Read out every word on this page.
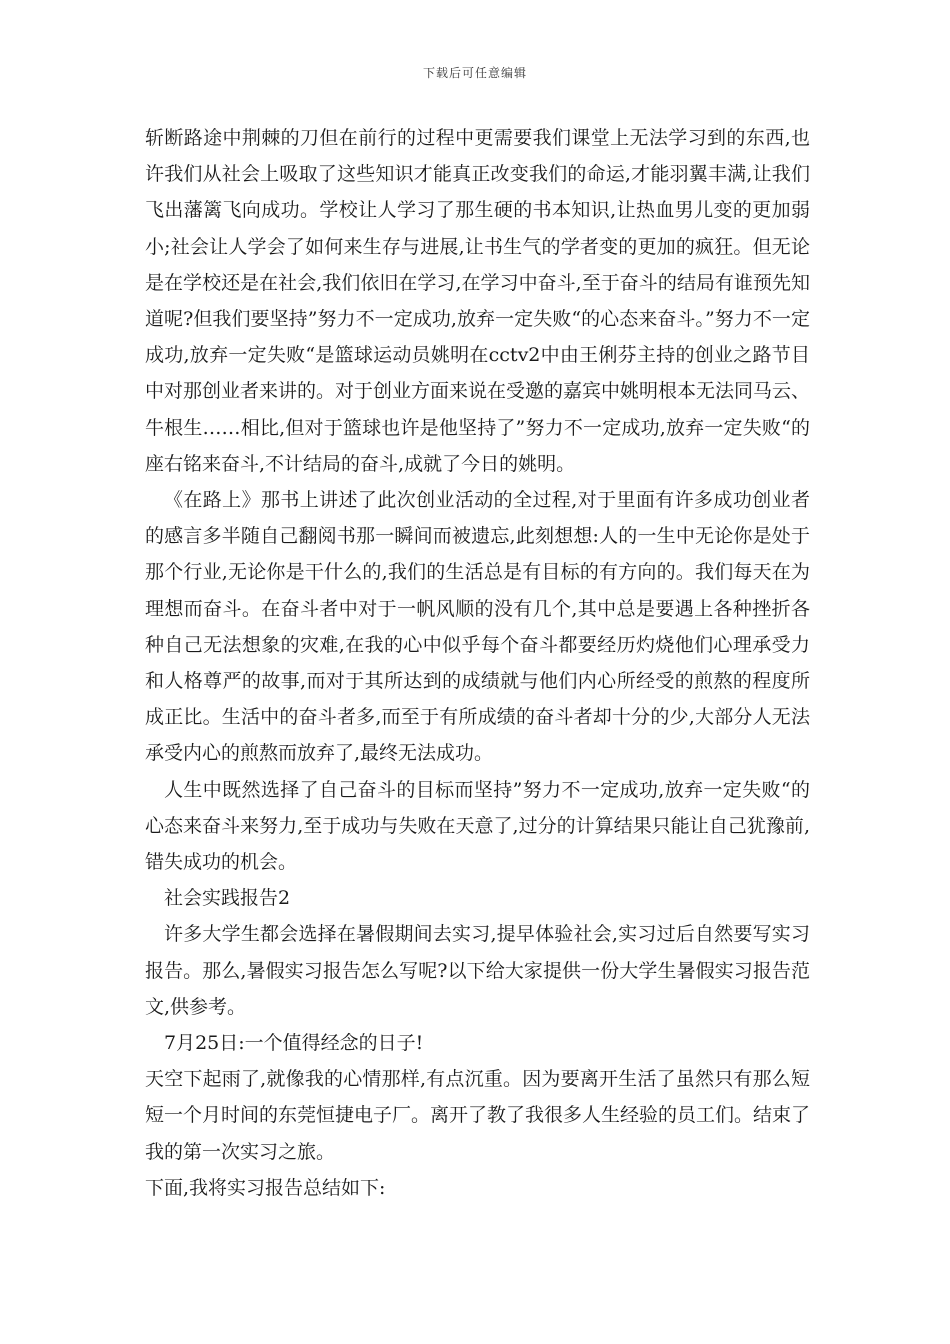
下载后可任意编辑

斩断路途中荆棘的刀但在前行的过程中更需要我们课堂上无法学习到的东西,也许我们从社会上吸取了这些知识才能真正改变我们的命运,才能羽翼丰满,让我们飞出藩篱飞向成功。学校让人学习了那生硬的书本知识,让热血男儿变的更加弱小;社会让人学会了如何来生存与进展,让书生气的学者变的更加的疯狂。但无论是在学校还是在社会,我们依旧在学习,在学习中奋斗,至于奋斗的结局有谁预先知道呢?但我们要坚持”努力不一定成功,放弃一定失败“的心态来奋斗。”努力不一定成功,放弃一定失败“是篮球运动员姚明在cctv2中由王俐芬主持的创业之路节目中对那创业者来讲的。对于创业方面来说在受邀的嘉宾中姚明根本无法同马云、牛根生……相比,但对于篮球也许是他坚持了”努力不一定成功,放弃一定失败“的座右铭来奋斗,不计结局的奋斗,成就了今日的姚明。

《在路上》那书上讲述了此次创业活动的全过程,对于里面有许多成功创业者的感言多半随自己翻阅书那一瞬间而被遗忘,此刻想想:人的一生中无论你是处于那个行业,无论你是干什么的,我们的生活总是有目标的有方向的。我们每天在为理想而奋斗。在奋斗者中对于一帆风顺的没有几个,其中总是要遇上各种挫折各种自己无法想象的灾难,在我的心中似乎每个奋斗都要经历灼烧他们心理承受力和人格尊严的故事,而对于其所达到的成绩就与他们内心所经受的煎熬的程度所成正比。生活中的奋斗者多,而至于有所成绩的奋斗者却十分的少,大部分人无法承受内心的煎熬而放弃了,最终无法成功。

人生中既然选择了自己奋斗的目标而坚持”努力不一定成功,放弃一定失败“的心态来奋斗来努力,至于成功与失败在天意了,过分的计算结果只能让自己犹豫前,错失成功的机会。

社会实践报告2

许多大学生都会选择在暑假期间去实习,提早体验社会,实习过后自然要写实习报告。那么,暑假实习报告怎么写呢?以下给大家提供一份大学生暑假实习报告范文,供参考。

7月25日:一个值得经念的日子!

天空下起雨了,就像我的心情那样,有点沉重。因为要离开生活了虽然只有那么短短一个月时间的东莞恒捷电子厂。离开了教了我很多人生经验的员工们。结束了我的第一次实习之旅。

下面,我将实习报告总结如下:
